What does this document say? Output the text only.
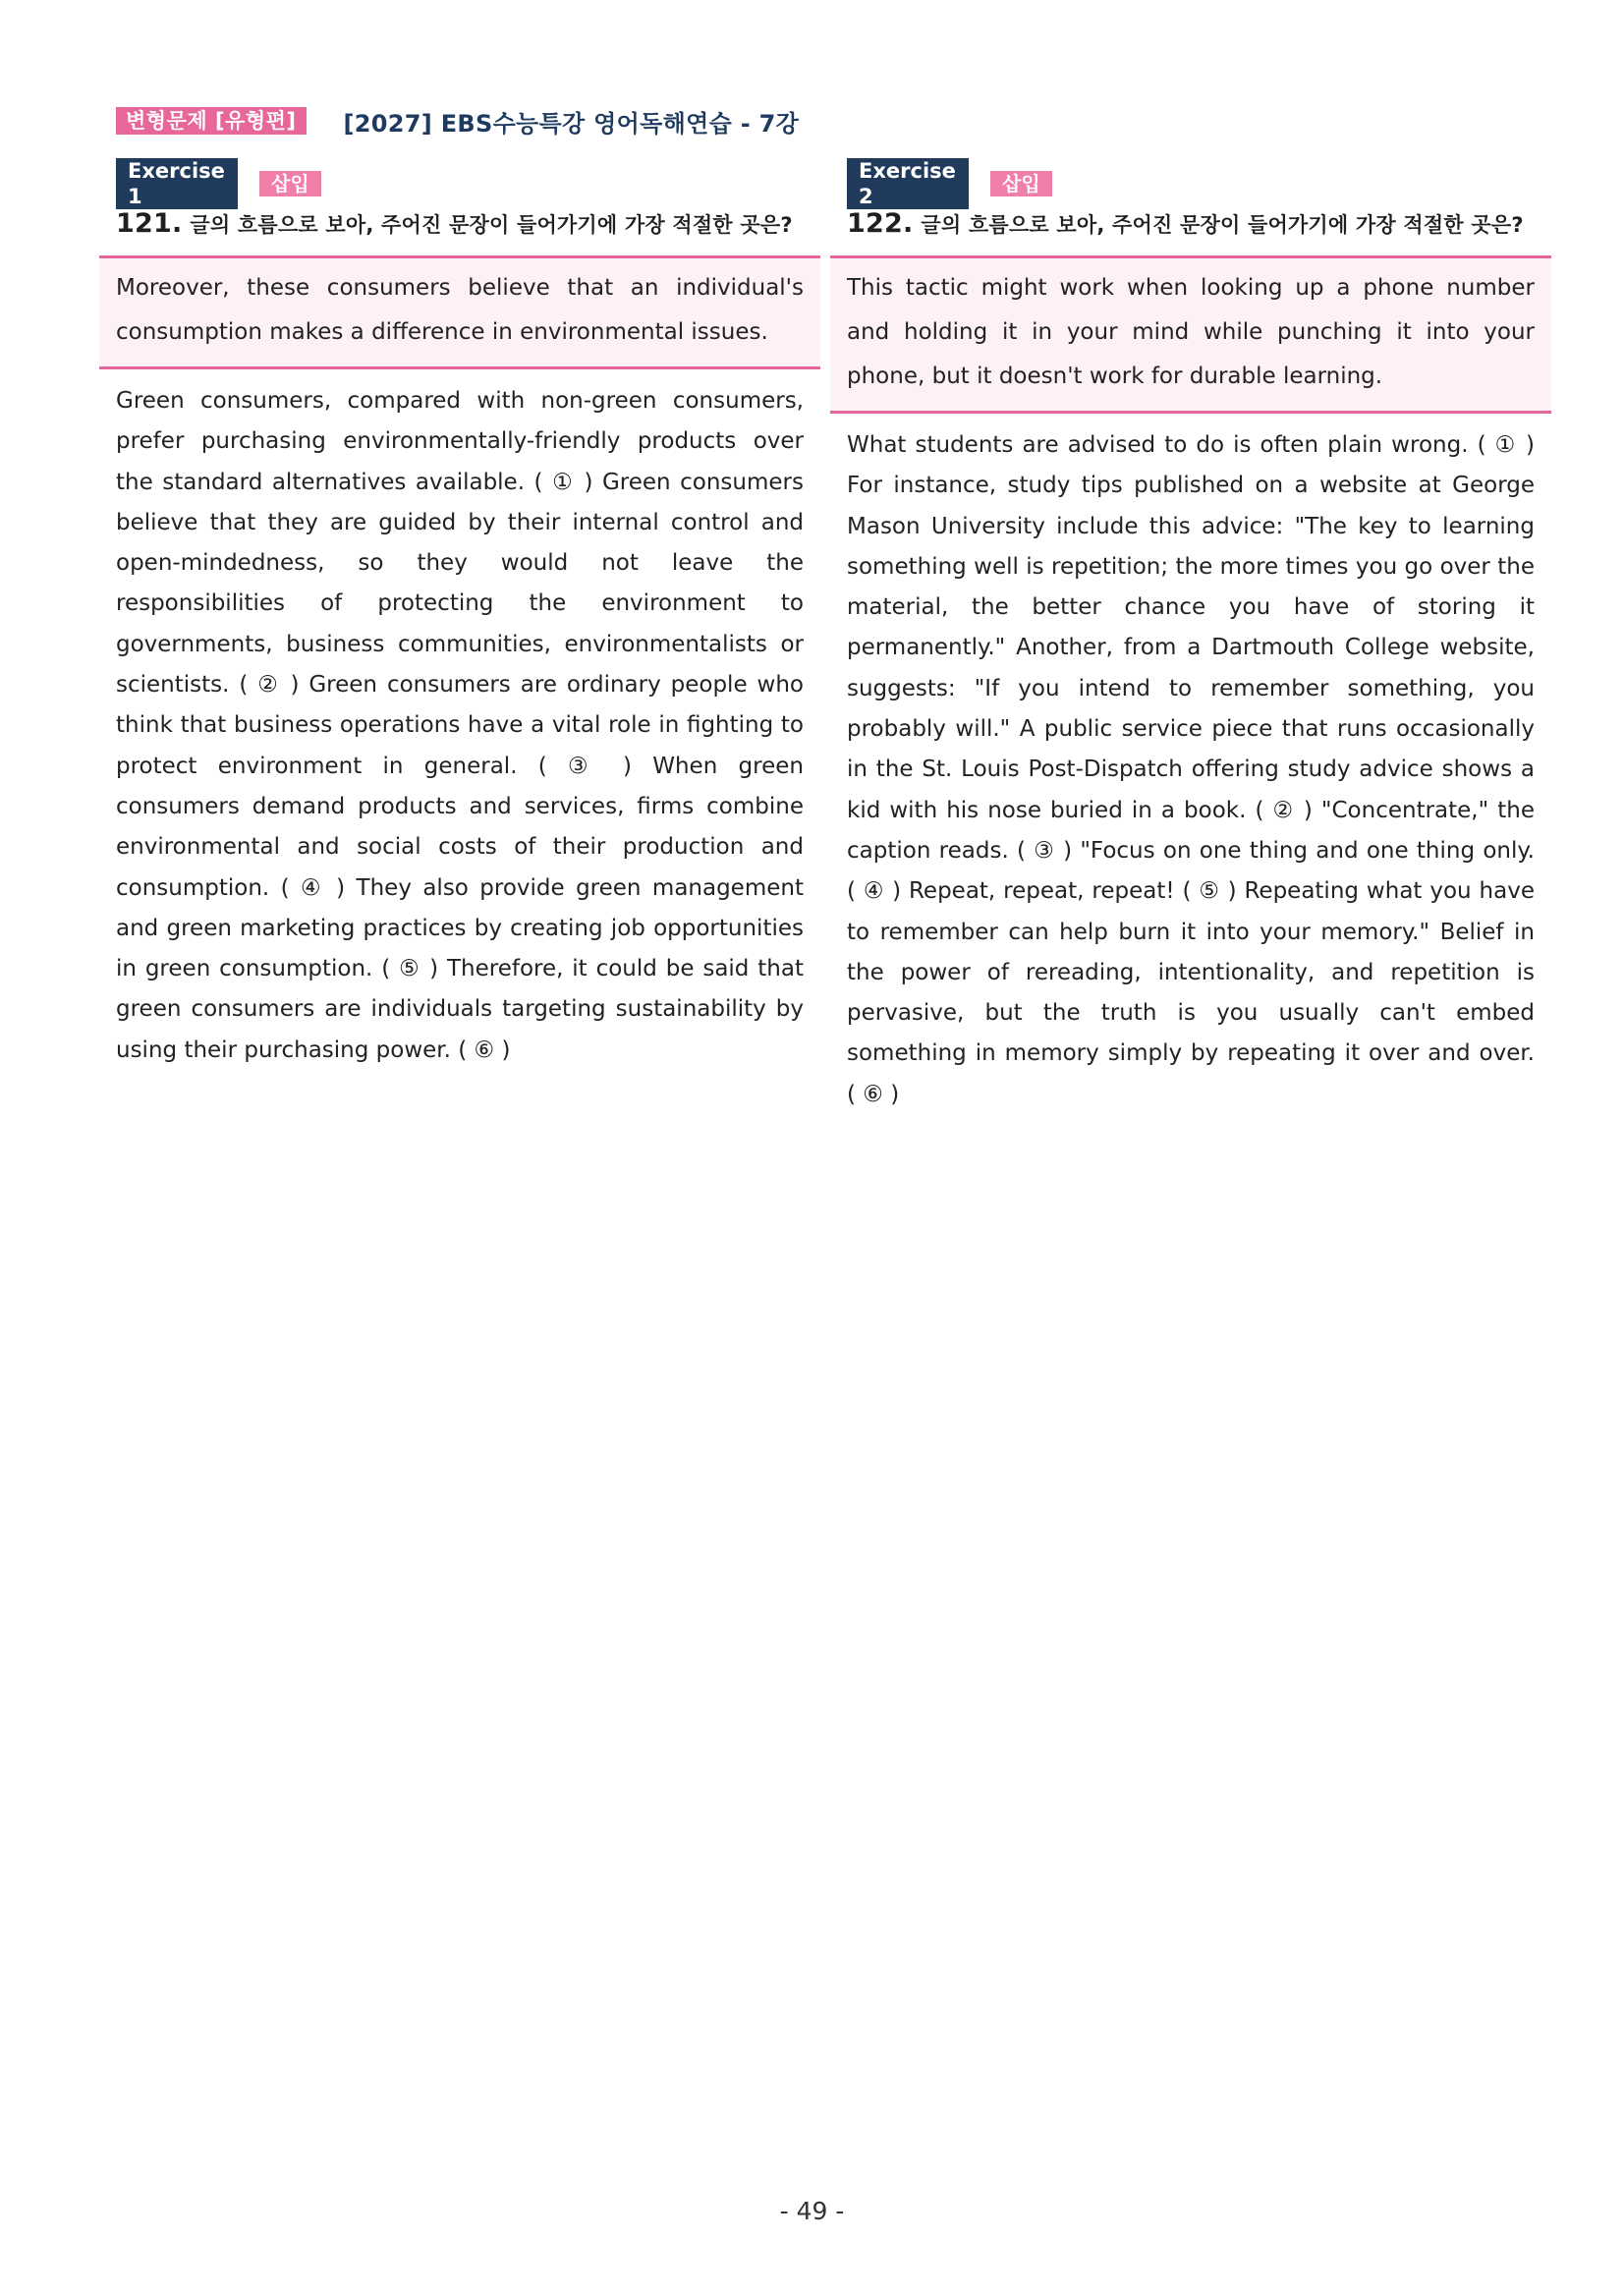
변형문제 [유형편]	[2027] EBS수능특강 영어독해연습 - 7강
Exercise 1
삽입
121. 글의 흐름으로 보아, 주어진 문장이 들어가기에 가장 적절한 곳은?
Moreover, these consumers believe that an individual's consumption makes a difference in environmental issues.
Green consumers, compared with non-green consumers, prefer purchasing environmentally-friendly products over the standard alternatives available. ( ① ) Green consumers believe that they are guided by their internal control and open-mindedness, so they would not leave the responsibilities of protecting the environment to governments, business communities, environmentalists or scientists. ( ② ) Green consumers are ordinary people who think that business operations have a vital role in fighting to protect environment in general. ( ③ ) When green consumers demand products and services, firms combine environmental and social costs of their production and consumption. ( ④ ) They also provide green management and green marketing practices by creating job opportunities in green consumption. ( ⑤ ) Therefore, it could be said that green consumers are individuals targeting sustainability by using their purchasing power. ( ⑥ )
Exercise 2
삽입
122. 글의 흐름으로 보아, 주어진 문장이 들어가기에 가장 적절한 곳은?
This tactic might work when looking up a phone number and holding it in your mind while punching it into your phone, but it doesn't work for durable learning.
What students are advised to do is often plain wrong. ( ① ) For instance, study tips published on a website at George Mason University include this advice: "The key to learning something well is repetition; the more times you go over the material, the better chance you have of storing it permanently." Another, from a Dartmouth College website, suggests: "If you intend to remember something, you probably will." A public service piece that runs occasionally in the St. Louis Post-Dispatch offering study advice shows a kid with his nose buried in a book. ( ② ) "Concentrate," the caption reads. ( ③ ) "Focus on one thing and one thing only. ( ④ ) Repeat, repeat, repeat! ( ⑤ ) Repeating what you have to remember can help burn it into your memory." Belief in the power of rereading, intentionality, and repetition is pervasive, but the truth is you usually can't embed something in memory simply by repeating it over and over. ( ⑥ )
- 49 -
